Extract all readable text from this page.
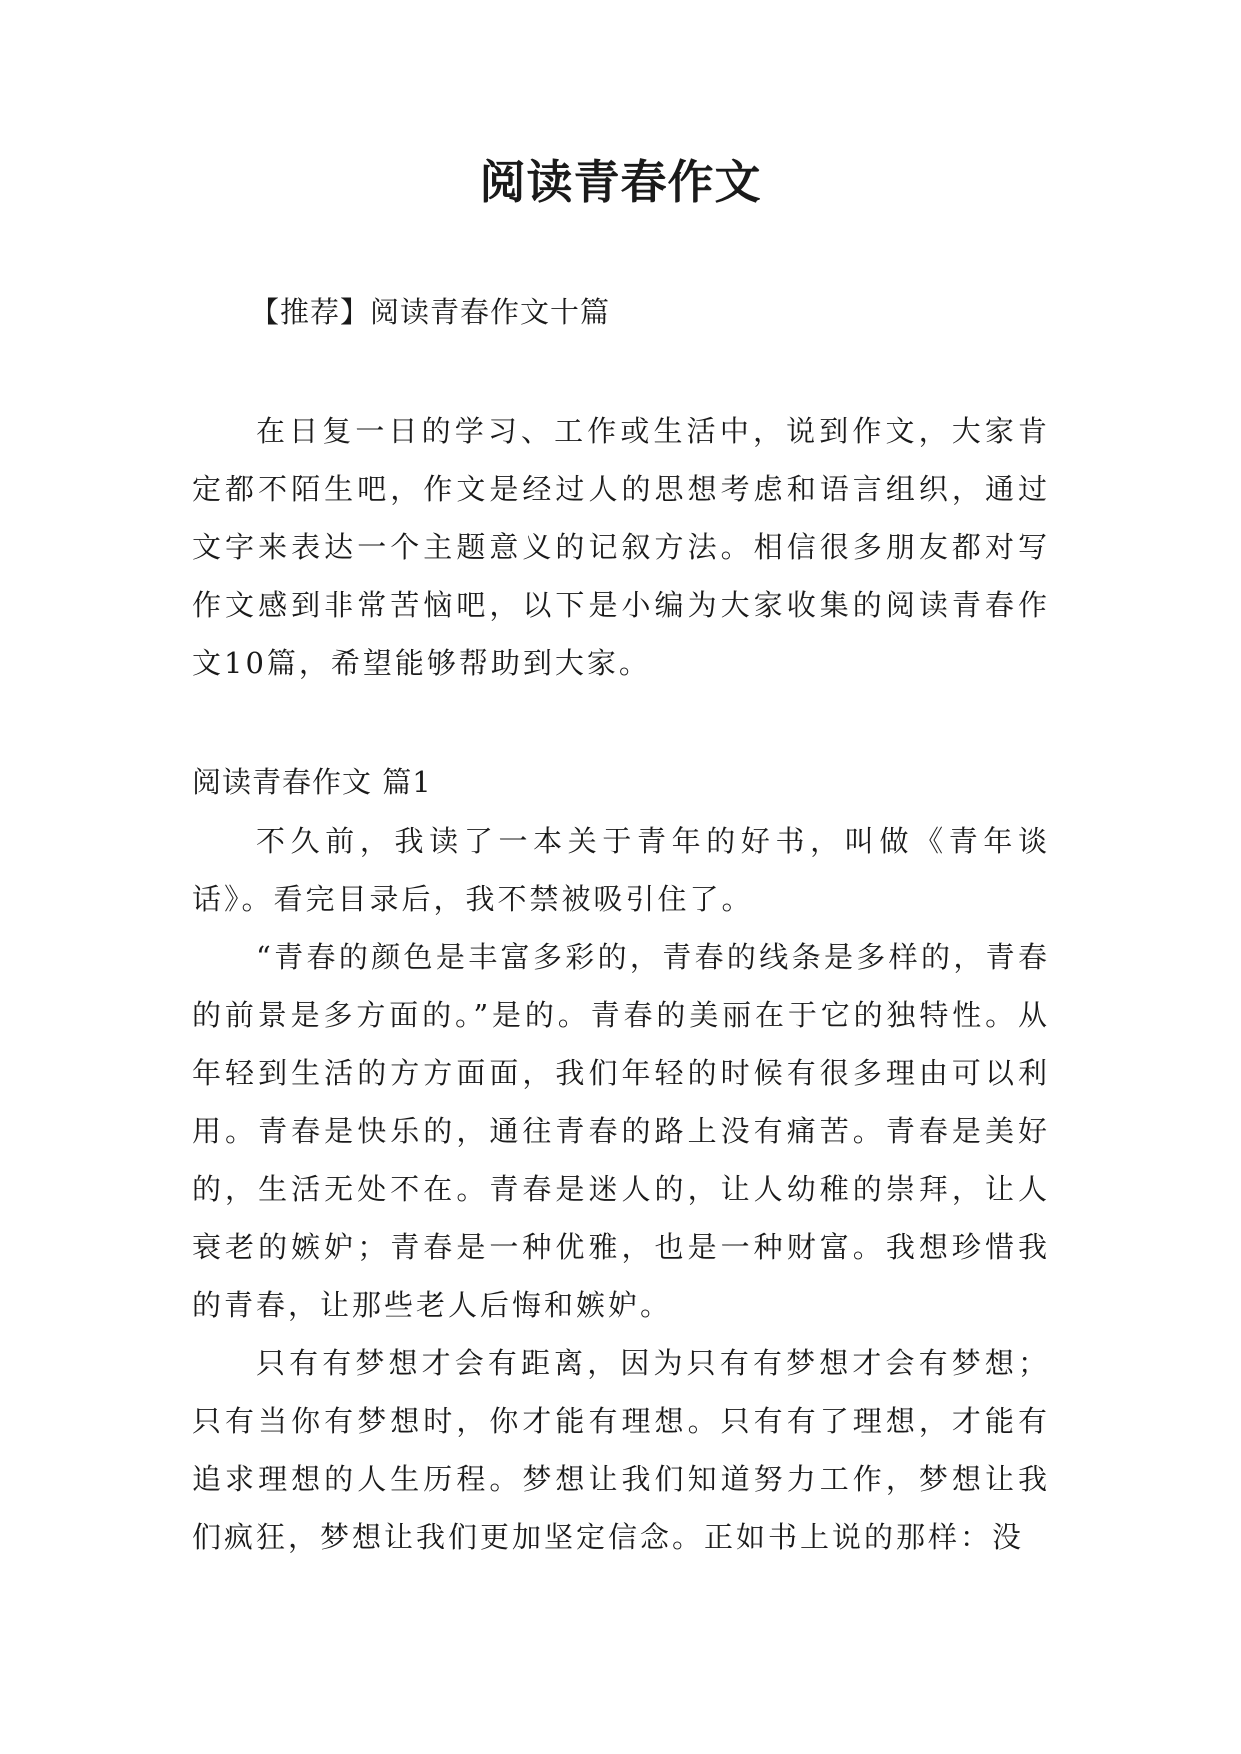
阅读青春作文
【推荐】阅读青春作文十篇

在日复一日的学习、工作或生活中，说到作文，大家肯定都不陌生吧，作文是经过人的思想考虑和语言组织，通过文字来表达一个主题意义的记叙方法。相信很多朋友都对写作文感到非常苦恼吧，以下是小编为大家收集的阅读青春作文10篇，希望能够帮助到大家。

阅读青春作文 篇1

不久前，我读了一本关于青年的好书，叫做《青年谈话》。看完目录后，我不禁被吸引住了。

“青春的颜色是丰富多彩的，青春的线条是多样的，青春的前景是多方面的。”是的。青春的美丽在于它的独特性。从年轻到生活的方方面面，我们年轻的时候有很多理由可以利用。青春是快乐的，通往青春的路上没有痛苦。青春是美好的，生活无处不在。青春是迷人的，让人幼稚的崇拜，让人衰老的嫉妒；青春是一种优雅，也是一种财富。我想珍惜我的青春，让那些老人后悔和嫉妒。

只有有梦想才会有距离，因为只有有梦想才会有梦想；只有当你有梦想时，你才能有理想。只有有了理想，才能有追求理想的人生历程。梦想让我们知道努力工作，梦想让我们疯狂，梦想让我们更加坚定信念。正如书上说的那样：没
